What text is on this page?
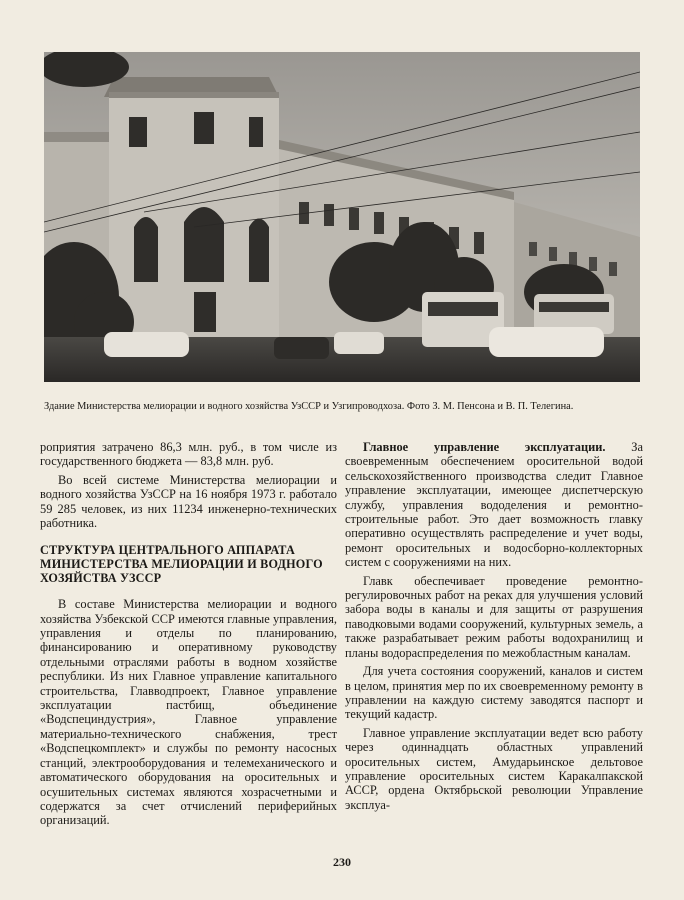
Здание Министерства мелиорации и водного хозяйства УзССР и Узгипроводхоза. Фото З. М. Пенсона и В. П. Телегина.

роприятия затрачено 86,3 млн. руб., в том числе из государственного бюджета — 83,8 млн. руб.

Во всей системе Министерства мелиорации и водного хозяйства УзССР на 16 ноября 1973 г. работало 59 285 человек, из них 11234 инженерно-технических работника.

СТРУКТУРА ЦЕНТРАЛЬНОГО АППАРАТА МИНИСТЕРСТВА МЕЛИОРАЦИИ И ВОДНОГО ХОЗЯЙСТВА УЗССР

В составе Министерства мелиорации и водного хозяйства Узбекской ССР имеются главные управления, управления и отделы по планированию, финансированию и оперативному руководству отдельными отраслями работы в водном хозяйстве республики. Из них Главное управление капитального строительства, Главводпроект, Главное управление эксплуатации пастбищ, объединение «Водспециндустрия», Главное управление материально-технического снабжения, трест «Водспецкомплект» и службы по ремонту насосных станций, электрооборудования и телемеханического и автоматического оборудования на оросительных и осушительных системах являются хозрасчетными и содержатся за счет отчислений периферийных организаций.

Главное управление эксплуатации. За своевременным обеспечением оросительной водой сельскохозяйственного производства следит Главное управление эксплуатации, имеющее диспетчерскую службу, управления вододеления и ремонтно-строительные работ. Это дает возможность главку оперативно осуществлять распределение и учет воды, ремонт оросительных и водосборно-коллекторных систем с сооружениями на них.

Главк обеспечивает проведение ремонтно-регулировочных работ на реках для улучшения условий забора воды в каналы и для защиты от разрушения паводковыми водами сооружений, культурных земель, а также разрабатывает режим работы водохранилищ и планы водораспределения по межобластным каналам.

Для учета состояния сооружений, каналов и систем в целом, принятия мер по их своевременному ремонту в управлении на каждую систему заводятся паспорт и текущий кадастр.

Главное управление эксплуатации ведет всю работу через одиннадцать областных управлений оросительных систем, Амударьинское дельтовое управление оросительных систем Каракалпакской АССР, ордена Октябрьской революции Управление эксплуа-

230
